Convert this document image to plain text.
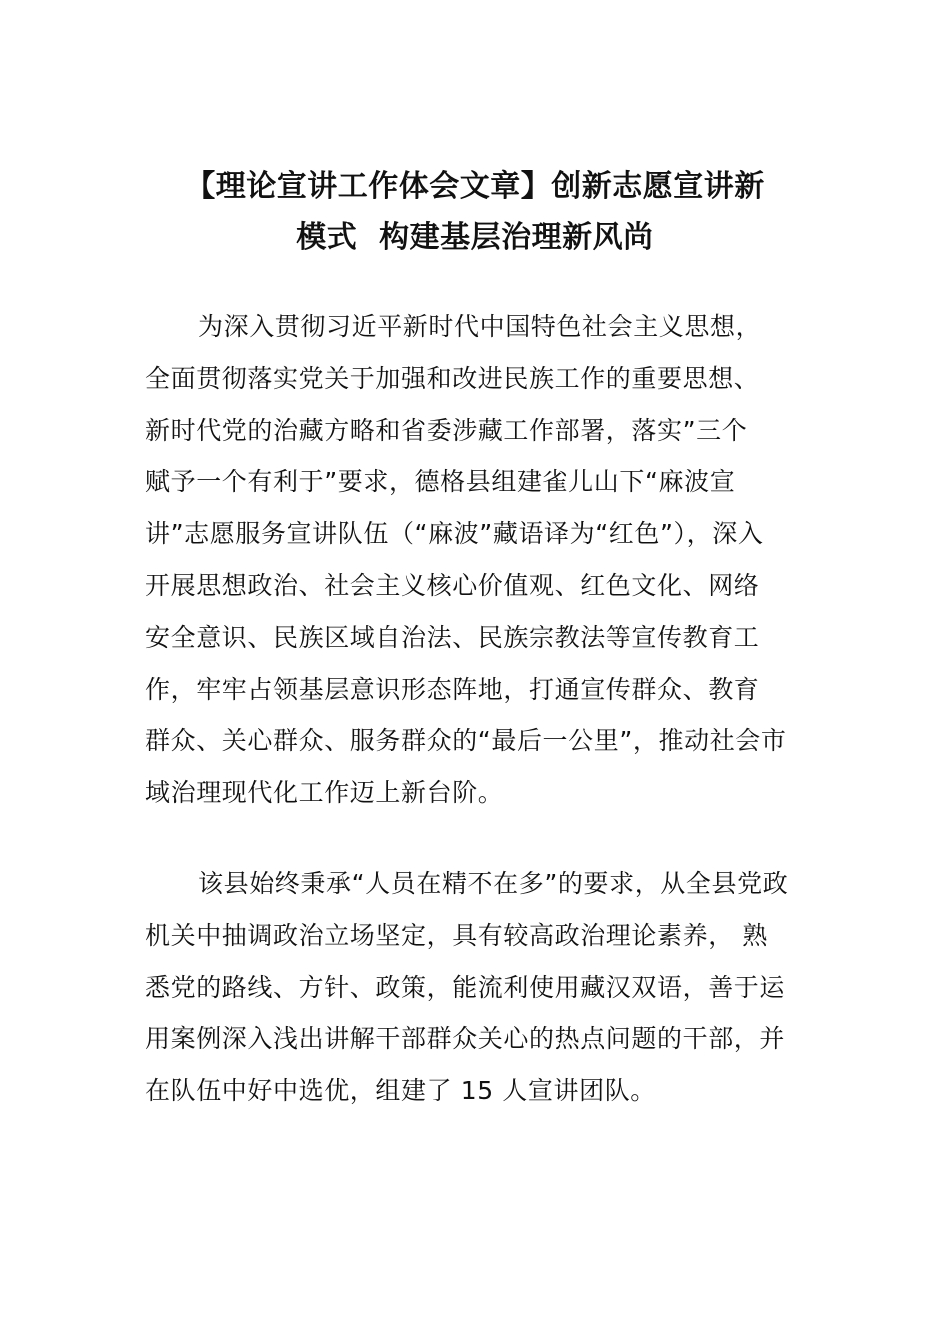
【理论宣讲工作体会文章】创新志愿宣讲新
模式  构建基层治理新风尚
为深入贯彻习近平新时代中国特色社会主义思想，
全面贯彻落实党关于加强和改进民族工作的重要思想、
新时代党的治藏方略和省委涉藏工作部署，落实”三个
赋予一个有利于”要求，德格县组建雀儿山下“麻波宣
讲”志愿服务宣讲队伍（“麻波”藏语译为“红色”），深入
开展思想政治、社会主义核心价值观、红色文化、网络
安全意识、民族区域自治法、民族宗教法等宣传教育工
作，牢牢占领基层意识形态阵地，打通宣传群众、教育
群众、关心群众、服务群众的“最后一公里”，推动社会市
域治理现代化工作迈上新台阶。
该县始终秉承“人员在精不在多”的要求，从全县党政
机关中抽调政治立场坚定，具有较高政治理论素养， 熟
悉党的路线、方针、政策，能流利使用藏汉双语，善于运
用案例深入浅出讲解干部群众关心的热点问题的干部，并
在队伍中好中选优，组建了 15 人宣讲团队。
